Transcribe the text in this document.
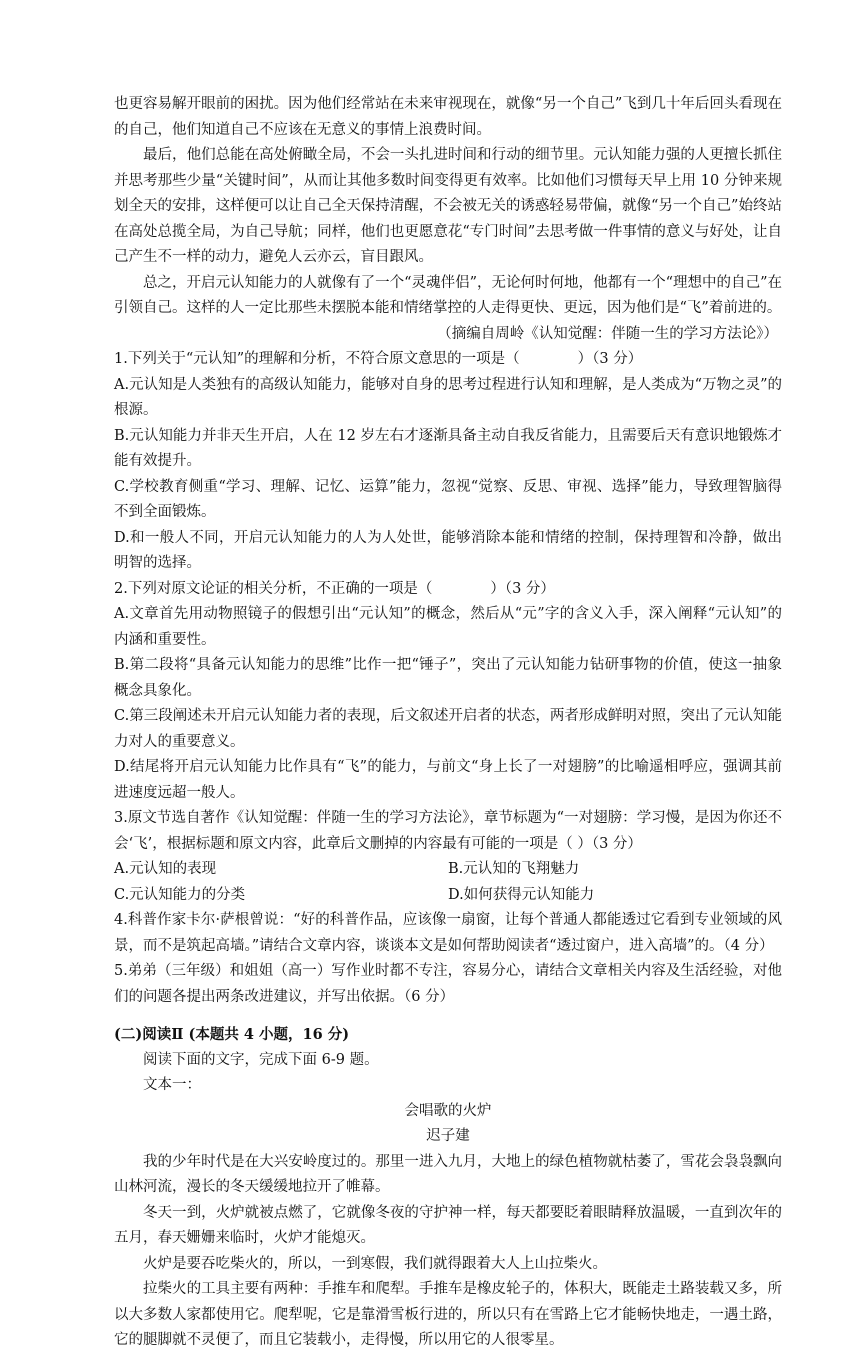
也更容易解开眼前的困扰。因为他们经常站在未来审视现在，就像“另一个自己”飞到几十年后回头看现在的自己，他们知道自己不应该在无意义的事情上浪费时间。

最后，他们总能在高处俯瞰全局，不会一头扎进时间和行动的细节里。元认知能力强的人更擅长抓住并思考那些少量“关键时间”，从而让其他多数时间变得更有效率。比如他们习惯每天早上用 10 分钟来规划全天的安排，这样便可以让自己全天保持清醒，不会被无关的诱惑轻易带偏，就像“另一个自己”始终站在高处总揽全局，为自己导航；同样，他们也更愿意花“专门时间”去思考做一件事情的意义与好处，让自己产生不一样的动力，避免人云亦云，盲目跟风。

总之，开启元认知能力的人就像有了一个“灵魂伴侣”，无论何时何地，他都有一个“理想中的自己”在引领自己。这样的人一定比那些未摆脱本能和情绪掌控的人走得更快、更远，因为他们是“飞”着前进的。

（摘编自周岭《认知觉醒：伴随一生的学习方法论》）

1.下列关于“元认知”的理解和分析，不符合原文意思的一项是（　　　　）（3 分）

A.元认知是人类独有的高级认知能力，能够对自身的思考过程进行认知和理解，是人类成为“万物之灵”的根源。

B.元认知能力并非天生开启，人在 12 岁左右才逐渐具备主动自我反省能力，且需要后天有意识地锻炼才能有效提升。

C.学校教育侧重“学习、理解、记忆、运算”能力，忽视“觉察、反思、审视、选择”能力，导致理智脑得不到全面锻炼。

D.和一般人不同，开启元认知能力的人为人处世，能够消除本能和情绪的控制，保持理智和冷静，做出明智的选择。

2.下列对原文论证的相关分析，不正确的一项是（　　　　）（3 分）

A.文章首先用动物照镜子的假想引出“元认知”的概念，然后从“元”字的含义入手，深入阐释“元认知”的内涵和重要性。

B.第二段将“具备元认知能力的思维”比作一把“锤子”，突出了元认知能力钻研事物的价值，使这一抽象概念具象化。

C.第三段阐述未开启元认知能力者的表现，后文叙述开启者的状态，两者形成鲜明对照，突出了元认知能力对人的重要意义。

D.结尾将开启元认知能力比作具有“飞”的能力，与前文“身上长了一对翅膀”的比喻遥相呼应，强调其前进速度远超一般人。

3.原文节选自著作《认知觉醒：伴随一生的学习方法论》，章节标题为“一对翅膀：学习慢，是因为你还不会‘飞’，根据标题和原文内容，此章后文删掉的内容最有可能的一项是（ ）（3 分）

A.元认知的表现	B.元认知的飞翔魅力
C.元认知能力的分类	D.如何获得元认知能力

4.科普作家卡尔·萨根曾说：“好的科普作品，应该像一扇窗，让每个普通人都能透过它看到专业领域的风景，而不是筑起高墙。”请结合文章内容，谈谈本文是如何帮助阅读者“透过窗户，进入高墙”的。（4 分）

5.弟弟（三年级）和姐姐（高一）写作业时都不专注，容易分心，请结合文章相关内容及生活经验，对他们的问题各提出两条改进建议，并写出依据。（6 分）

(二)阅读Ⅱ (本题共 4 小题，16 分)

阅读下面的文字，完成下面 6-9 题。

文本一：

会唱歌的火炉

迟子建

我的少年时代是在大兴安岭度过的。那里一进入九月，大地上的绿色植物就枯萎了，雪花会袅袅飘向山林河流，漫长的冬天缓缓地拉开了帷幕。

冬天一到，火炉就被点燃了，它就像冬夜的守护神一样，每天都要眨着眼睛释放温暖，一直到次年的五月，春天姗姗来临时，火炉才能熄灭。

火炉是要吞吃柴火的，所以，一到寒假，我们就得跟着大人上山拉柴火。

拉柴火的工具主要有两种：手推车和爬犁。手推车是橡皮轮子的，体积大，既能走土路装载又多，所以大多数人家都使用它。爬犁呢，它是靠滑雪板行进的，所以只有在雪路上它才能畅快地走，一遇土路，它的腿脚就不灵便了，而且它装载小，走得慢，所以用它的人很零星。
